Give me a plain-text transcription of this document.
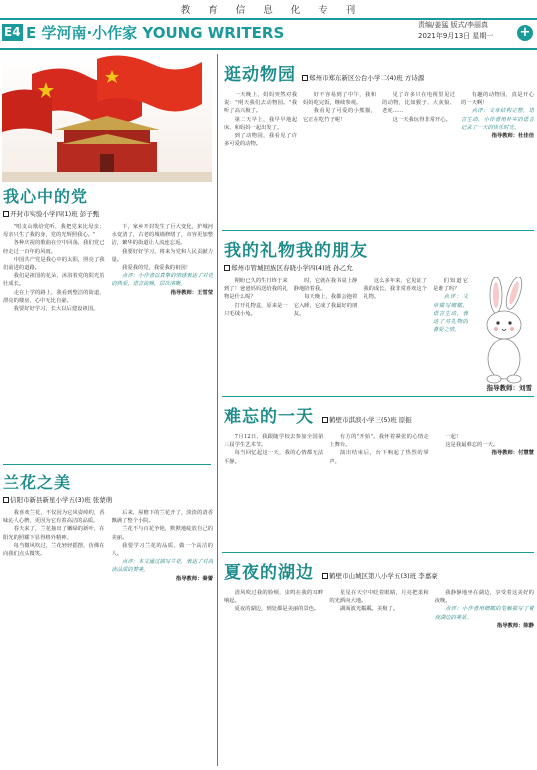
教 育 信 息 化 专 刊
E4 E 学河南·小作家 YOUNG WRITERS	责编/姜猛 版式/李丽真
2021年9月13日 星期一 +
我心中的党
开封市实验小学四(1)班 彭子甄

"唱支山歌给党听，我把党来比母亲；母亲只生了我的身，党的光辉照我心。"

各种庆祝的歌曲在空中回荡，我们党已经走过一百年的风雨。

中国共产党是我心中的太阳，照亮了我们前进的道路。

我们是祖国的花朵，沐浴着党的阳光茁壮成长。

走在上学的路上，我看到整洁的街道、漂亮的楼房，心中无比自豪。

我要好好学习，长大以后建设祖国。

下，家乡开封发生了巨大变化，护城河水变清了，古老的城墙修缮了，市容更加整洁，繁华的街道让人流连忘返。

我要好好学习，将来为党和人民贡献力量。

我爱我的党，我爱我的祖国！

点评：小作者以真挚的情感表达了对党的热爱，语言流畅，层次清晰。

指导教师：王雪莹

兰花之美
信阳市新县新星小学五(3)班 张蒙萌

我喜欢兰花，不仅因为它风姿绰约，香味沁人心脾，更因为它有着高洁的品质。

春天来了，兰花抽出了嫩绿的新叶，在阳光的照耀下显得格外精神。

每当微风吹过，兰花轻轻摇摆，仿佛在向我们点头微笑。

后来，屋檐下的兰花开了，淡淡的清香飘满了整个小院。

兰花不与百花争艳，默默地绽放自己的美丽。

我要学习兰花的品质，做一个高洁的人。

点评：本文通过描写兰花，表达了对高洁品质的赞美。

指导教师：秦蕾

逛动物园	郑州市郑东新区公台小学二(4)班 方诗源

一天晚上，妈妈突然对我说："明天我们去动物园。"我听了高兴极了。

第二天早上，我早早地起床，和妈妈一起出发了。

到了动物园，我看见了许多可爱的动物。

好不容易到了中午，我和妈妈吃完饭，继续参观。

我看见了可爱的小熊猫，它正在吃竹子呢！

见了许多只在电视里见过的动物，比如猴子、大灰狼、老虎……

这一天我玩得非常开心。

有趣的动物园，真是开心的一天啊！

点评：文章结构完整，语言生动，小作者用朴实的语言记录了一天的快乐时光。

指导教师：杜佳佳

我的礼物我的朋友
郑州市管城回族区春晓小学四(4)班 孙乙允

期盼已久的生日终于来到了！爸爸妈妈送给我的礼物是什么呢？

打开礼物盒，原来是一只毛绒小兔。

时，它就在我书桌上静静地陪着我。

每天晚上，我都会抱着它入睡，它成了我最好的朋友。

这么多年来，它见证了我的成长，我非常喜欢这个礼物。

们知道它是谁了吗？

点评：文章描写细腻，语言生动，表达了对礼物的喜爱之情。

指导教师：刘雪
难忘的一天	鹤壁市淇滨小学三(5)班 原振

7月12日，我跟随学校去参加全国第三届学生艺术节。

每当回忆起这一天，我的心情都无法平静。

有方的"开始"。我怀着紧张的心情走上舞台。

演出结束后，台下响起了热烈的掌声。

一起！

这是我最难忘的一天。

指导教师：付慧慧

夏夜的湖边	鹤壁市山城区第八小学五(3)班 李嘉豪

清风吹过我的脸颊，虫鸣在我的耳畔响起。

夏夜的湖边，到处都是美丽的景色。

星星在天空中眨着眼睛，月亮把柔和的光洒向大地。

湖面波光粼粼，美极了。

我静静地坐在湖边，享受着这美好的夜晚。

点评：小作者用细腻的笔触描写了夏夜湖边的美景。

指导教师：陈静
